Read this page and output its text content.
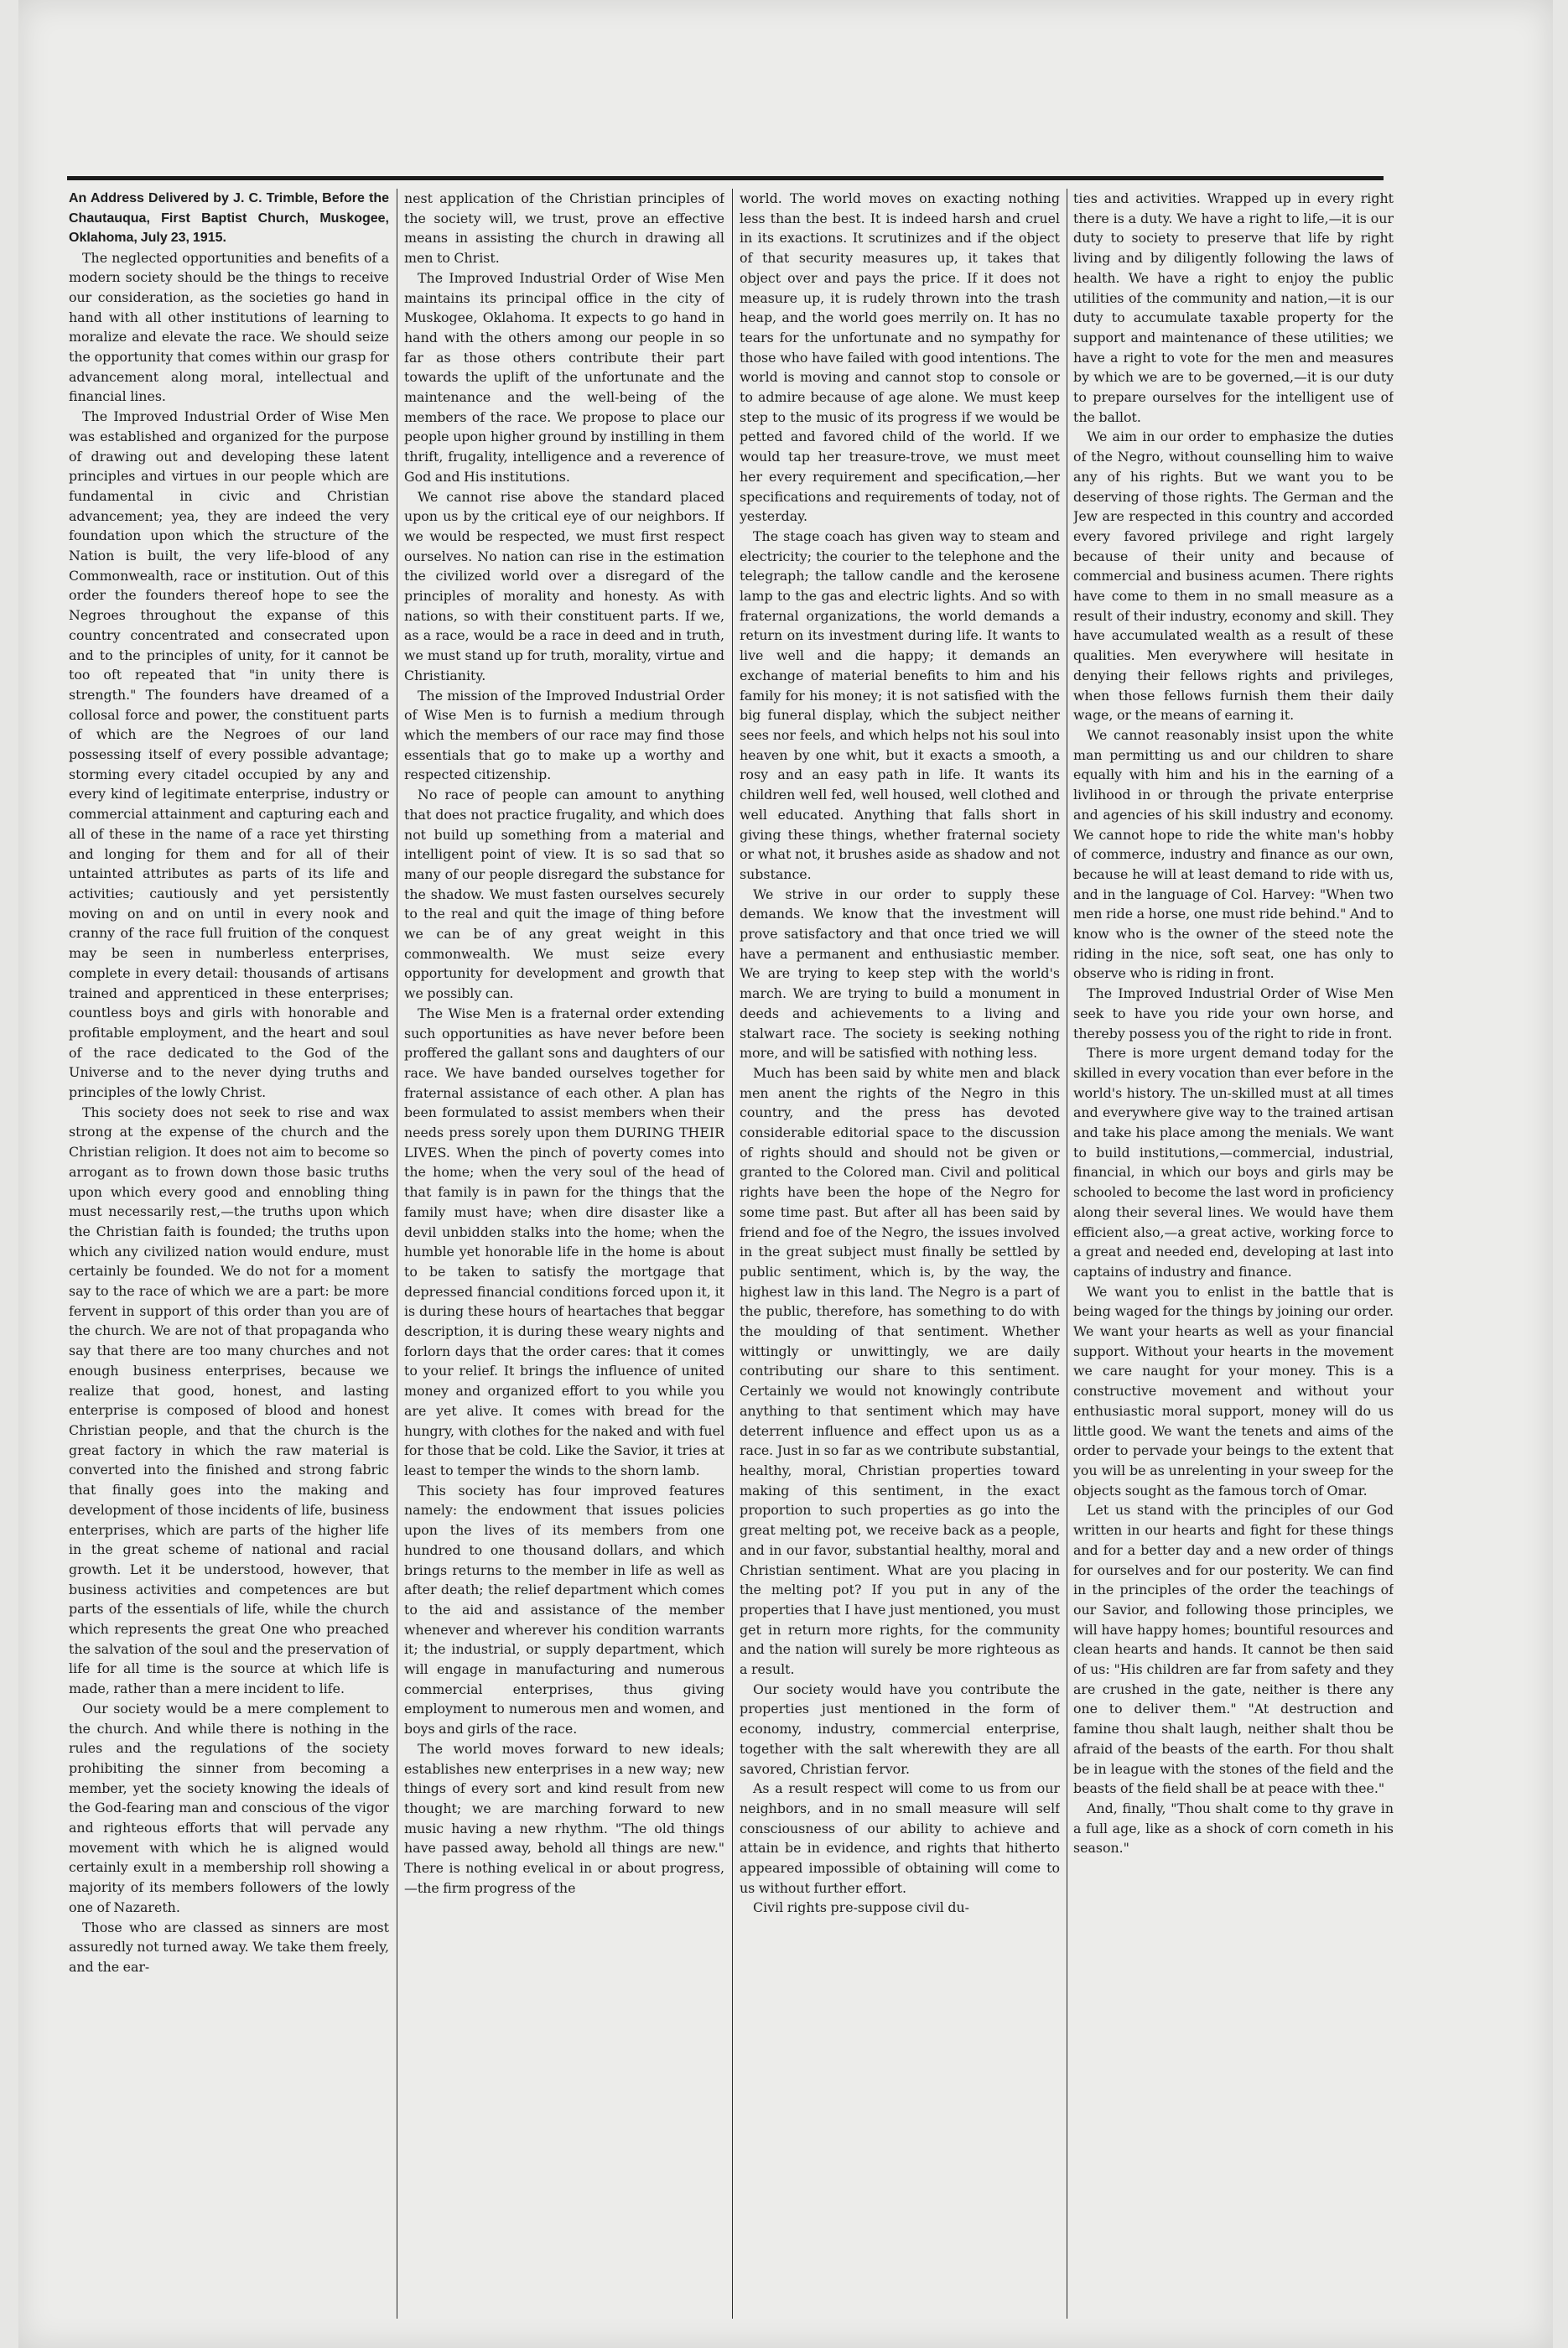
An Address Delivered by J. C. Trimble, Before the Chautauqua, First Baptist Church, Muskogee, Oklahoma, July 23, 1915.

The neglected opportunities and benefits of a modern society should be the things to receive our consideration, as the societies go hand in hand with all other institutions of learning to moralize and elevate the race. We should seize the opportunity that comes within our grasp for advancement along moral, intellectual and financial lines.

The Improved Industrial Order of Wise Men was established and organized for the purpose of drawing out and developing these latent principles and virtues in our people which are fundamental in civic and Christian advancement; yea, they are indeed the very foundation upon which the structure of the Nation is built, the very life-blood of any Commonwealth, race or institution. Out of this order the founders thereof hope to see the Negroes throughout the expanse of this country concentrated and consecrated upon and to the principles of unity, for it cannot be too oft repeated that "in unity there is strength." The founders have dreamed of a collosal force and power, the constituent parts of which are the Negroes of our land possessing itself of every possible advantage; storming every citadel occupied by any and every kind of legitimate enterprise, industry or commercial attainment and capturing each and all of these in the name of a race yet thirsting and longing for them and for all of their untainted attributes as parts of its life and activities; cautiously and yet persistently moving on and on until in every nook and cranny of the race full fruition of the conquest may be seen in numberless enterprises, complete in every detail: thousands of artisans trained and apprenticed in these enterprises; countless boys and girls with honorable and profitable employment, and the heart and soul of the race dedicated to the God of the Universe and to the never dying truths and principles of the lowly Christ.

This society does not seek to rise and wax strong at the expense of the church and the Christian religion. It does not aim to become so arrogant as to frown down those basic truths upon which every good and ennobling thing must necessarily rest,—the truths upon which the Christian faith is founded; the truths upon which any civilized nation would endure, must certainly be founded. We do not for a moment say to the race of which we are a part: be more fervent in support of this order than you are of the church. We are not of that propaganda who say that there are too many churches and not enough business enterprises, because we realize that good, honest, and lasting enterprise is composed of blood and honest Christian people, and that the church is the great factory in which the raw material is converted into the finished and strong fabric that finally goes into the making and development of those incidents of life, business enterprises, which are parts of the higher life in the great scheme of national and racial growth. Let it be understood, however, that business activities and competences are but parts of the essentials of life, while the church which represents the great One who preached the salvation of the soul and the preservation of life for all time is the source at which life is made, rather than a mere incident to life.

Our society would be a mere complement to the church. And while there is nothing in the rules and the regulations of the society prohibiting the sinner from becoming a member, yet the society knowing the ideals of the God-fearing man and conscious of the vigor and righteous efforts that will pervade any movement with which he is aligned would certainly exult in a membership roll showing a majority of its members followers of the lowly one of Nazareth.

Those who are classed as sinners are most assuredly not turned away. We take them freely, and the ear-

nest application of the Christian principles of the society will, we trust, prove an effective means in assisting the church in drawing all men to Christ.

The Improved Industrial Order of Wise Men maintains its principal office in the city of Muskogee, Oklahoma. It expects to go hand in hand with the others among our people in so far as those others contribute their part towards the uplift of the unfortunate and the maintenance and the well-being of the members of the race. We propose to place our people upon higher ground by instilling in them thrift, frugality, intelligence and a reverence of God and His institutions.

We cannot rise above the standard placed upon us by the critical eye of our neighbors. If we would be respected, we must first respect ourselves. No nation can rise in the estimation the civilized world over a disregard of the principles of morality and honesty. As with nations, so with their constituent parts. If we, as a race, would be a race in deed and in truth, we must stand up for truth, morality, virtue and Christianity.

The mission of the Improved Industrial Order of Wise Men is to furnish a medium through which the members of our race may find those essentials that go to make up a worthy and respected citizenship.

No race of people can amount to anything that does not practice frugality, and which does not build up something from a material and intelligent point of view. It is so sad that so many of our people disregard the substance for the shadow. We must fasten ourselves securely to the real and quit the image of thing before we can be of any great weight in this commonwealth. We must seize every opportunity for development and growth that we possibly can.

The Wise Men is a fraternal order extending such opportunities as have never before been proffered the gallant sons and daughters of our race. We have banded ourselves together for fraternal assistance of each other. A plan has been formulated to assist members when their needs press sorely upon them DURING THEIR LIVES. When the pinch of poverty comes into the home; when the very soul of the head of that family is in pawn for the things that the family must have; when dire disaster like a devil unbidden stalks into the home; when the humble yet honorable life in the home is about to be taken to satisfy the mortgage that depressed financial conditions forced upon it, it is during these hours of heartaches that beggar description, it is during these weary nights and forlorn days that the order cares: that it comes to your relief. It brings the influence of united money and organized effort to you while you are yet alive. It comes with bread for the hungry, with clothes for the naked and with fuel for those that be cold. Like the Savior, it tries at least to temper the winds to the shorn lamb.

This society has four improved features namely: the endowment that issues policies upon the lives of its members from one hundred to one thousand dollars, and which brings returns to the member in life as well as after death; the relief department which comes to the aid and assistance of the member whenever and wherever his condition warrants it; the industrial, or supply department, which will engage in manufacturing and numerous commercial enterprises, thus giving employment to numerous men and women, and boys and girls of the race.

The world moves forward to new ideals; establishes new enterprises in a new way; new things of every sort and kind result from new thought; we are marching forward to new music having a new rhythm. "The old things have passed away, behold all things are new." There is nothing evelical in or about progress,—the firm progress of the

world. The world moves on exacting nothing less than the best. It is indeed harsh and cruel in its exactions. It scrutinizes and if the object of that security measures up, it takes that object over and pays the price. If it does not measure up, it is rudely thrown into the trash heap, and the world goes merrily on. It has no tears for the unfortunate and no sympathy for those who have failed with good intentions. The world is moving and cannot stop to console or to admire because of age alone. We must keep step to the music of its progress if we would be petted and favored child of the world. If we would tap her treasure-trove, we must meet her every requirement and specification,—her specifications and requirements of today, not of yesterday.

The stage coach has given way to steam and electricity; the courier to the telephone and the telegraph; the tallow candle and the kerosene lamp to the gas and electric lights. And so with fraternal organizations, the world demands a return on its investment during life. It wants to live well and die happy; it demands an exchange of material benefits to him and his family for his money; it is not satisfied with the big funeral display, which the subject neither sees nor feels, and which helps not his soul into heaven by one whit, but it exacts a smooth, a rosy and an easy path in life. It wants its children well fed, well housed, well clothed and well educated. Anything that falls short in giving these things, whether fraternal society or what not, it brushes aside as shadow and not substance.

We strive in our order to supply these demands. We know that the investment will prove satisfactory and that once tried we will have a permanent and enthusiastic member. We are trying to keep step with the world's march. We are trying to build a monument in deeds and achievements to a living and stalwart race. The society is seeking nothing more, and will be satisfied with nothing less.

Much has been said by white men and black men anent the rights of the Negro in this country, and the press has devoted considerable editorial space to the discussion of rights should and should not be given or granted to the Colored man. Civil and political rights have been the hope of the Negro for some time past. But after all has been said by friend and foe of the Negro, the issues involved in the great subject must finally be settled by public sentiment, which is, by the way, the highest law in this land. The Negro is a part of the public, therefore, has something to do with the moulding of that sentiment. Whether wittingly or unwittingly, we are daily contributing our share to this sentiment. Certainly we would not knowingly contribute anything to that sentiment which may have deterrent influence and effect upon us as a race. Just in so far as we contribute substantial, healthy, moral, Christian properties toward making of this sentiment, in the exact proportion to such properties as go into the great melting pot, we receive back as a people, and in our favor, substantial healthy, moral and Christian sentiment. What are you placing in the melting pot? If you put in any of the properties that I have just mentioned, you must get in return more rights, for the community and the nation will surely be more righteous as a result.

Our society would have you contribute the properties just mentioned in the form of economy, industry, commercial enterprise, together with the salt wherewith they are all savored, Christian fervor.

As a result respect will come to us from our neighbors, and in no small measure will self consciousness of our ability to achieve and attain be in evidence, and rights that hitherto appeared impossible of obtaining will come to us without further effort.

Civil rights pre-suppose civil du-

ties and activities. Wrapped up in every right there is a duty. We have a right to life,—it is our duty to society to preserve that life by right living and by diligently following the laws of health. We have a right to enjoy the public utilities of the community and nation,—it is our duty to accumulate taxable property for the support and maintenance of these utilities; we have a right to vote for the men and measures by which we are to be governed,—it is our duty to prepare ourselves for the intelligent use of the ballot.

We aim in our order to emphasize the duties of the Negro, without counselling him to waive any of his rights. But we want you to be deserving of those rights. The German and the Jew are respected in this country and accorded every favored privilege and right largely because of their unity and because of commercial and business acumen. There rights have come to them in no small measure as a result of their industry, economy and skill. They have accumulated wealth as a result of these qualities. Men everywhere will hesitate in denying their fellows rights and privileges, when those fellows furnish them their daily wage, or the means of earning it.

We cannot reasonably insist upon the white man permitting us and our children to share equally with him and his in the earning of a livlihood in or through the private enterprise and agencies of his skill industry and economy. We cannot hope to ride the white man's hobby of commerce, industry and finance as our own, because he will at least demand to ride with us, and in the language of Col. Harvey: "When two men ride a horse, one must ride behind." And to know who is the owner of the steed note the riding in the nice, soft seat, one has only to observe who is riding in front.

The Improved Industrial Order of Wise Men seek to have you ride your own horse, and thereby possess you of the right to ride in front.

There is more urgent demand today for the skilled in every vocation than ever before in the world's history. The un-skilled must at all times and everywhere give way to the trained artisan and take his place among the menials. We want to build institutions,—commercial, industrial, financial, in which our boys and girls may be schooled to become the last word in proficiency along their several lines. We would have them efficient also,—a great active, working force to a great and needed end, developing at last into captains of industry and finance.

We want you to enlist in the battle that is being waged for the things by joining our order. We want your hearts as well as your financial support. Without your hearts in the movement we care naught for your money. This is a constructive movement and without your enthusiastic moral support, money will do us little good. We want the tenets and aims of the order to pervade your beings to the extent that you will be as unrelenting in your sweep for the objects sought as the famous torch of Omar.

Let us stand with the principles of our God written in our hearts and fight for these things and for a better day and a new order of things for ourselves and for our posterity. We can find in the principles of the order the teachings of our Savior, and following those principles, we will have happy homes; bountiful resources and clean hearts and hands. It cannot be then said of us: "His children are far from safety and they are crushed in the gate, neither is there any one to deliver them." "At destruction and famine thou shalt laugh, neither shalt thou be afraid of the beasts of the earth. For thou shalt be in league with the stones of the field and the beasts of the field shall be at peace with thee."

And, finally, "Thou shalt come to thy grave in a full age, like as a shock of corn cometh in his season."
